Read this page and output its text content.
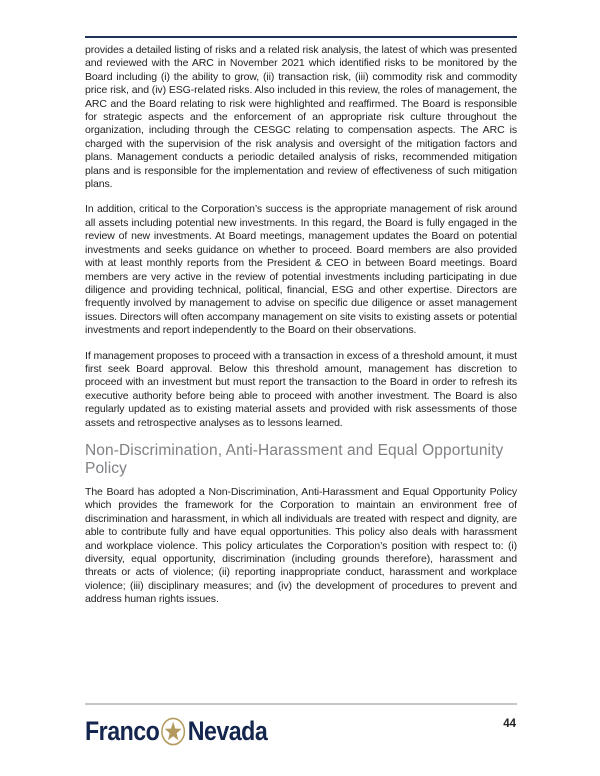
provides a detailed listing of risks and a related risk analysis, the latest of which was presented and reviewed with the ARC in November 2021 which identified risks to be monitored by the Board including (i) the ability to grow, (ii) transaction risk, (iii) commodity risk and commodity price risk, and (iv) ESG-related risks. Also included in this review, the roles of management, the ARC and the Board relating to risk were highlighted and reaffirmed. The Board is responsible for strategic aspects and the enforcement of an appropriate risk culture throughout the organization, including through the CESGC relating to compensation aspects. The ARC is charged with the supervision of the risk analysis and oversight of the mitigation factors and plans. Management conducts a periodic detailed analysis of risks, recommended mitigation plans and is responsible for the implementation and review of effectiveness of such mitigation plans.

In addition, critical to the Corporation’s success is the appropriate management of risk around all assets including potential new investments. In this regard, the Board is fully engaged in the review of new investments. At Board meetings, management updates the Board on potential investments and seeks guidance on whether to proceed. Board members are also provided with at least monthly reports from the President & CEO in between Board meetings. Board members are very active in the review of potential investments including participating in due diligence and providing technical, political, financial, ESG and other expertise. Directors are frequently involved by management to advise on specific due diligence or asset management issues. Directors will often accompany management on site visits to existing assets or potential investments and report independently to the Board on their observations.

If management proposes to proceed with a transaction in excess of a threshold amount, it must first seek Board approval. Below this threshold amount, management has discretion to proceed with an investment but must report the transaction to the Board in order to refresh its executive authority before being able to proceed with another investment. The Board is also regularly updated as to existing material assets and provided with risk assessments of those assets and retrospective analyses as to lessons learned.

Non-Discrimination, Anti-Harassment and Equal Opportunity Policy

The Board has adopted a Non-Discrimination, Anti-Harassment and Equal Opportunity Policy which provides the framework for the Corporation to maintain an environment free of discrimination and harassment, in which all individuals are treated with respect and dignity, are able to contribute fully and have equal opportunities. This policy also deals with harassment and workplace violence. This policy articulates the Corporation’s position with respect to: (i) diversity, equal opportunity, discrimination (including grounds therefore), harassment and threats or acts of violence; (ii) reporting inappropriate conduct, harassment and workplace violence; (iii) disciplinary measures; and (iv) the development of procedures to prevent and address human rights issues.

Franco Nevada	44
